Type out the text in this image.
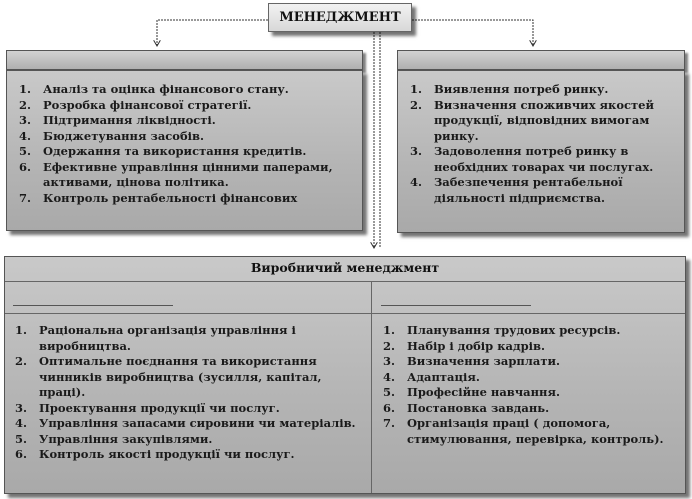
МЕНЕДЖМЕНТ
1. Аналіз та оцінка фінансового стану.
2. Розробка фінансової стратегії.
3. Підтримання ліквідності.
4. Бюджетування засобів.
5. Одержання та використання кредитів.
6. Ефективне управління цінними паперами, активами, цінова політика.
7. Контроль рентабельності фінансових
1. Виявлення потреб ринку.
2. Визначення споживчих якостей продукції, відповідних вимогам ринку.
3. Задоволення потреб ринку в необхідних товарах чи послугах.
4. Забезпечення рентабельної діяльності підприємства.
Виробничий менеджмент
1. Раціональна організація управління і виробництва.
2. Оптимальне поєднання та використання чинників виробництва (зусилля, капітал, праці).
3. Проектування продукції чи послуг.
4. Управління запасами сировини чи матеріалів.
5. Управління закупівлями.
6. Контроль якості продукції чи послуг.
1. Планування трудових ресурсів.
2. Набір і добір кадрів.
3. Визначення зарплати.
4. Адаптація.
5. Професійне навчання.
6. Постановка завдань.
7. Організація праці ( допомога, стимулювання, перевірка, контроль).
